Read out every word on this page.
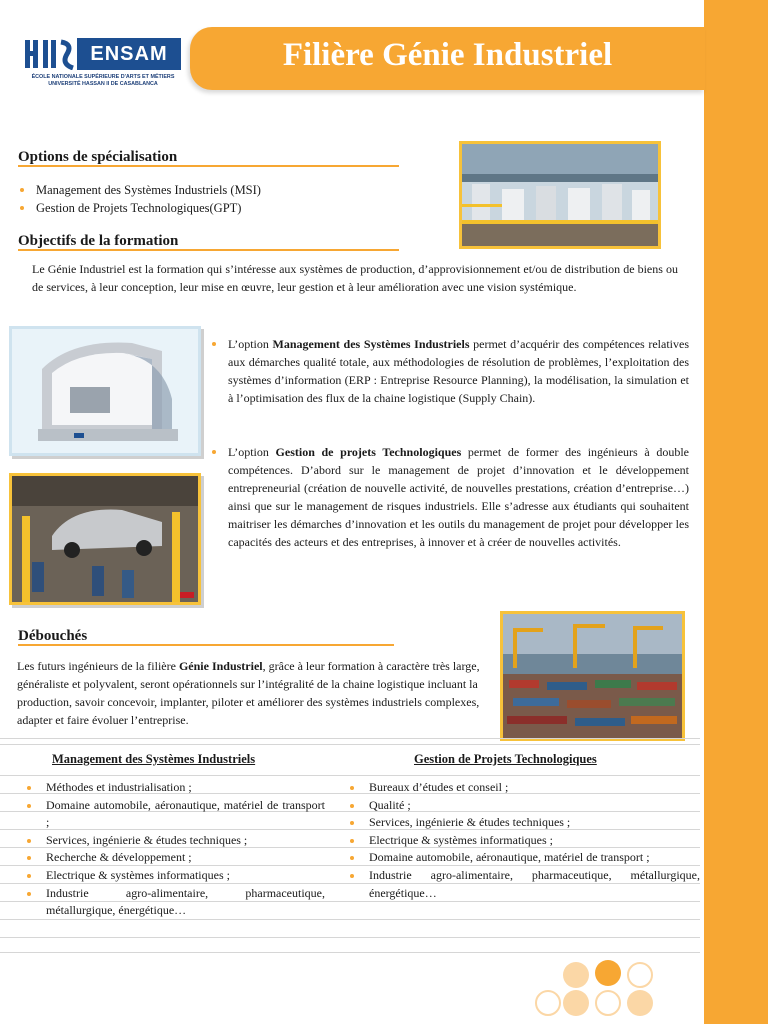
ENSAM
ÉCOLE NATIONALE SUPÉRIEURE D'ARTS ET MÉTIERS
UNIVERSITÉ HASSAN II DE CASABLANCA
Filière Génie Industriel
Options de spécialisation
Management des Systèmes Industriels (MSI)
Gestion de Projets Technologiques(GPT)
Objectifs de la formation
Le Génie Industriel est la formation qui s’intéresse aux systèmes de production, d’approvisionnement et/ou de distribution de biens ou de services, à leur conception, leur mise en œuvre, leur gestion et à leur amélioration avec une vision systémique.
L’option Management des Systèmes Industriels permet d’acquérir des compétences relatives aux démarches qualité totale, aux méthodologies de résolution de problèmes, l’exploitation des systèmes d’information (ERP : Entreprise Resource Planning), la modélisation, la simulation et à l’optimisation des flux de la chaine logistique (Supply Chain).
L’option Gestion de projets Technologiques permet de former des ingénieurs à double compétences. D’abord sur le management de projet d’innovation et le développement entrepreneurial (création de nouvelle activité, de nouvelles prestations, création d’entreprise…) ainsi que sur le management de risques industriels. Elle s’adresse aux étudiants qui souhaitent maitriser les démarches d’innovation et les outils du management de projet pour développer les capacités des acteurs et des entreprises, à innover et à créer de nouvelles activités.
Débouchés
Les futurs ingénieurs de la filière Génie Industriel, grâce à leur formation à caractère très large, généraliste et polyvalent, seront opérationnels sur l’intégralité de la chaine logistique incluant la production, savoir concevoir, implanter, piloter et améliorer des systèmes industriels complexes, adapter et faire évoluer l’entreprise.
Management des Systèmes Industriels	Gestion de Projets Technologiques
Méthodes et industrialisation ;
Domaine automobile, aéronautique, matériel de transport ;
Services, ingénierie & études techniques ;
Recherche & développement ;
Electrique & systèmes informatiques ;
Industrie agro-alimentaire, pharmaceutique, métallurgique, énergétique…
Bureaux d’études et conseil ;
Qualité ;
Services, ingénierie & études techniques ;
Electrique & systèmes informatiques ;
Domaine automobile, aéronautique, matériel de transport ;
Industrie agro-alimentaire, pharmaceutique, métallurgique, énergétique…
